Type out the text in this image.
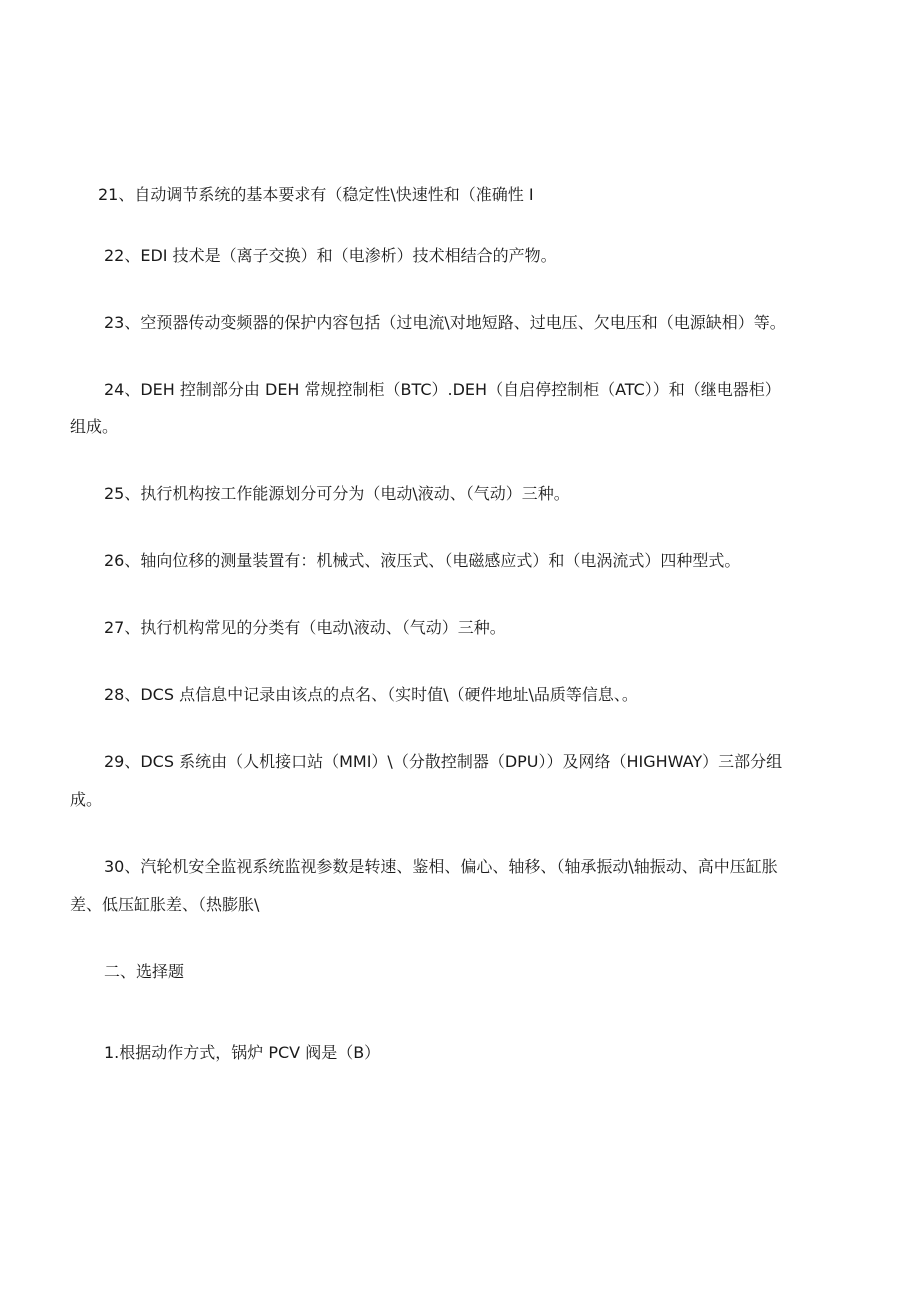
21、自动调节系统的基本要求有（稳定性\快速性和（准确性 I
22、EDI 技术是（离子交换）和（电渗析）技术相结合的产物。
23、空预器传动变频器的保护内容包括（过电流\对地短路、过电压、欠电压和（电源缺相）等。
24、DEH 控制部分由 DEH 常规控制柜（BTC）.DEH（自启停控制柜（ATC））和（继电器柜）
组成。
25、执行机构按工作能源划分可分为（电动\液动、（气动）三种。
26、轴向位移的测量装置有：机械式、液压式、（电磁感应式）和（电涡流式）四种型式。
27、执行机构常见的分类有（电动\液动、（气动）三种。
28、DCS 点信息中记录由该点的点名、（实时值\（硬件地址\品质等信息、。
29、DCS 系统由（人机接口站（MMI）\（分散控制器（DPU））及网络（HIGHWAY）三部分组
成。
30、汽轮机安全监视系统监视参数是转速、鉴相、偏心、轴移、（轴承振动\轴振动、高中压缸胀
差、低压缸胀差、（热膨胀\
二、选择题
1.根据动作方式，锅炉 PCV 阀是（B）
